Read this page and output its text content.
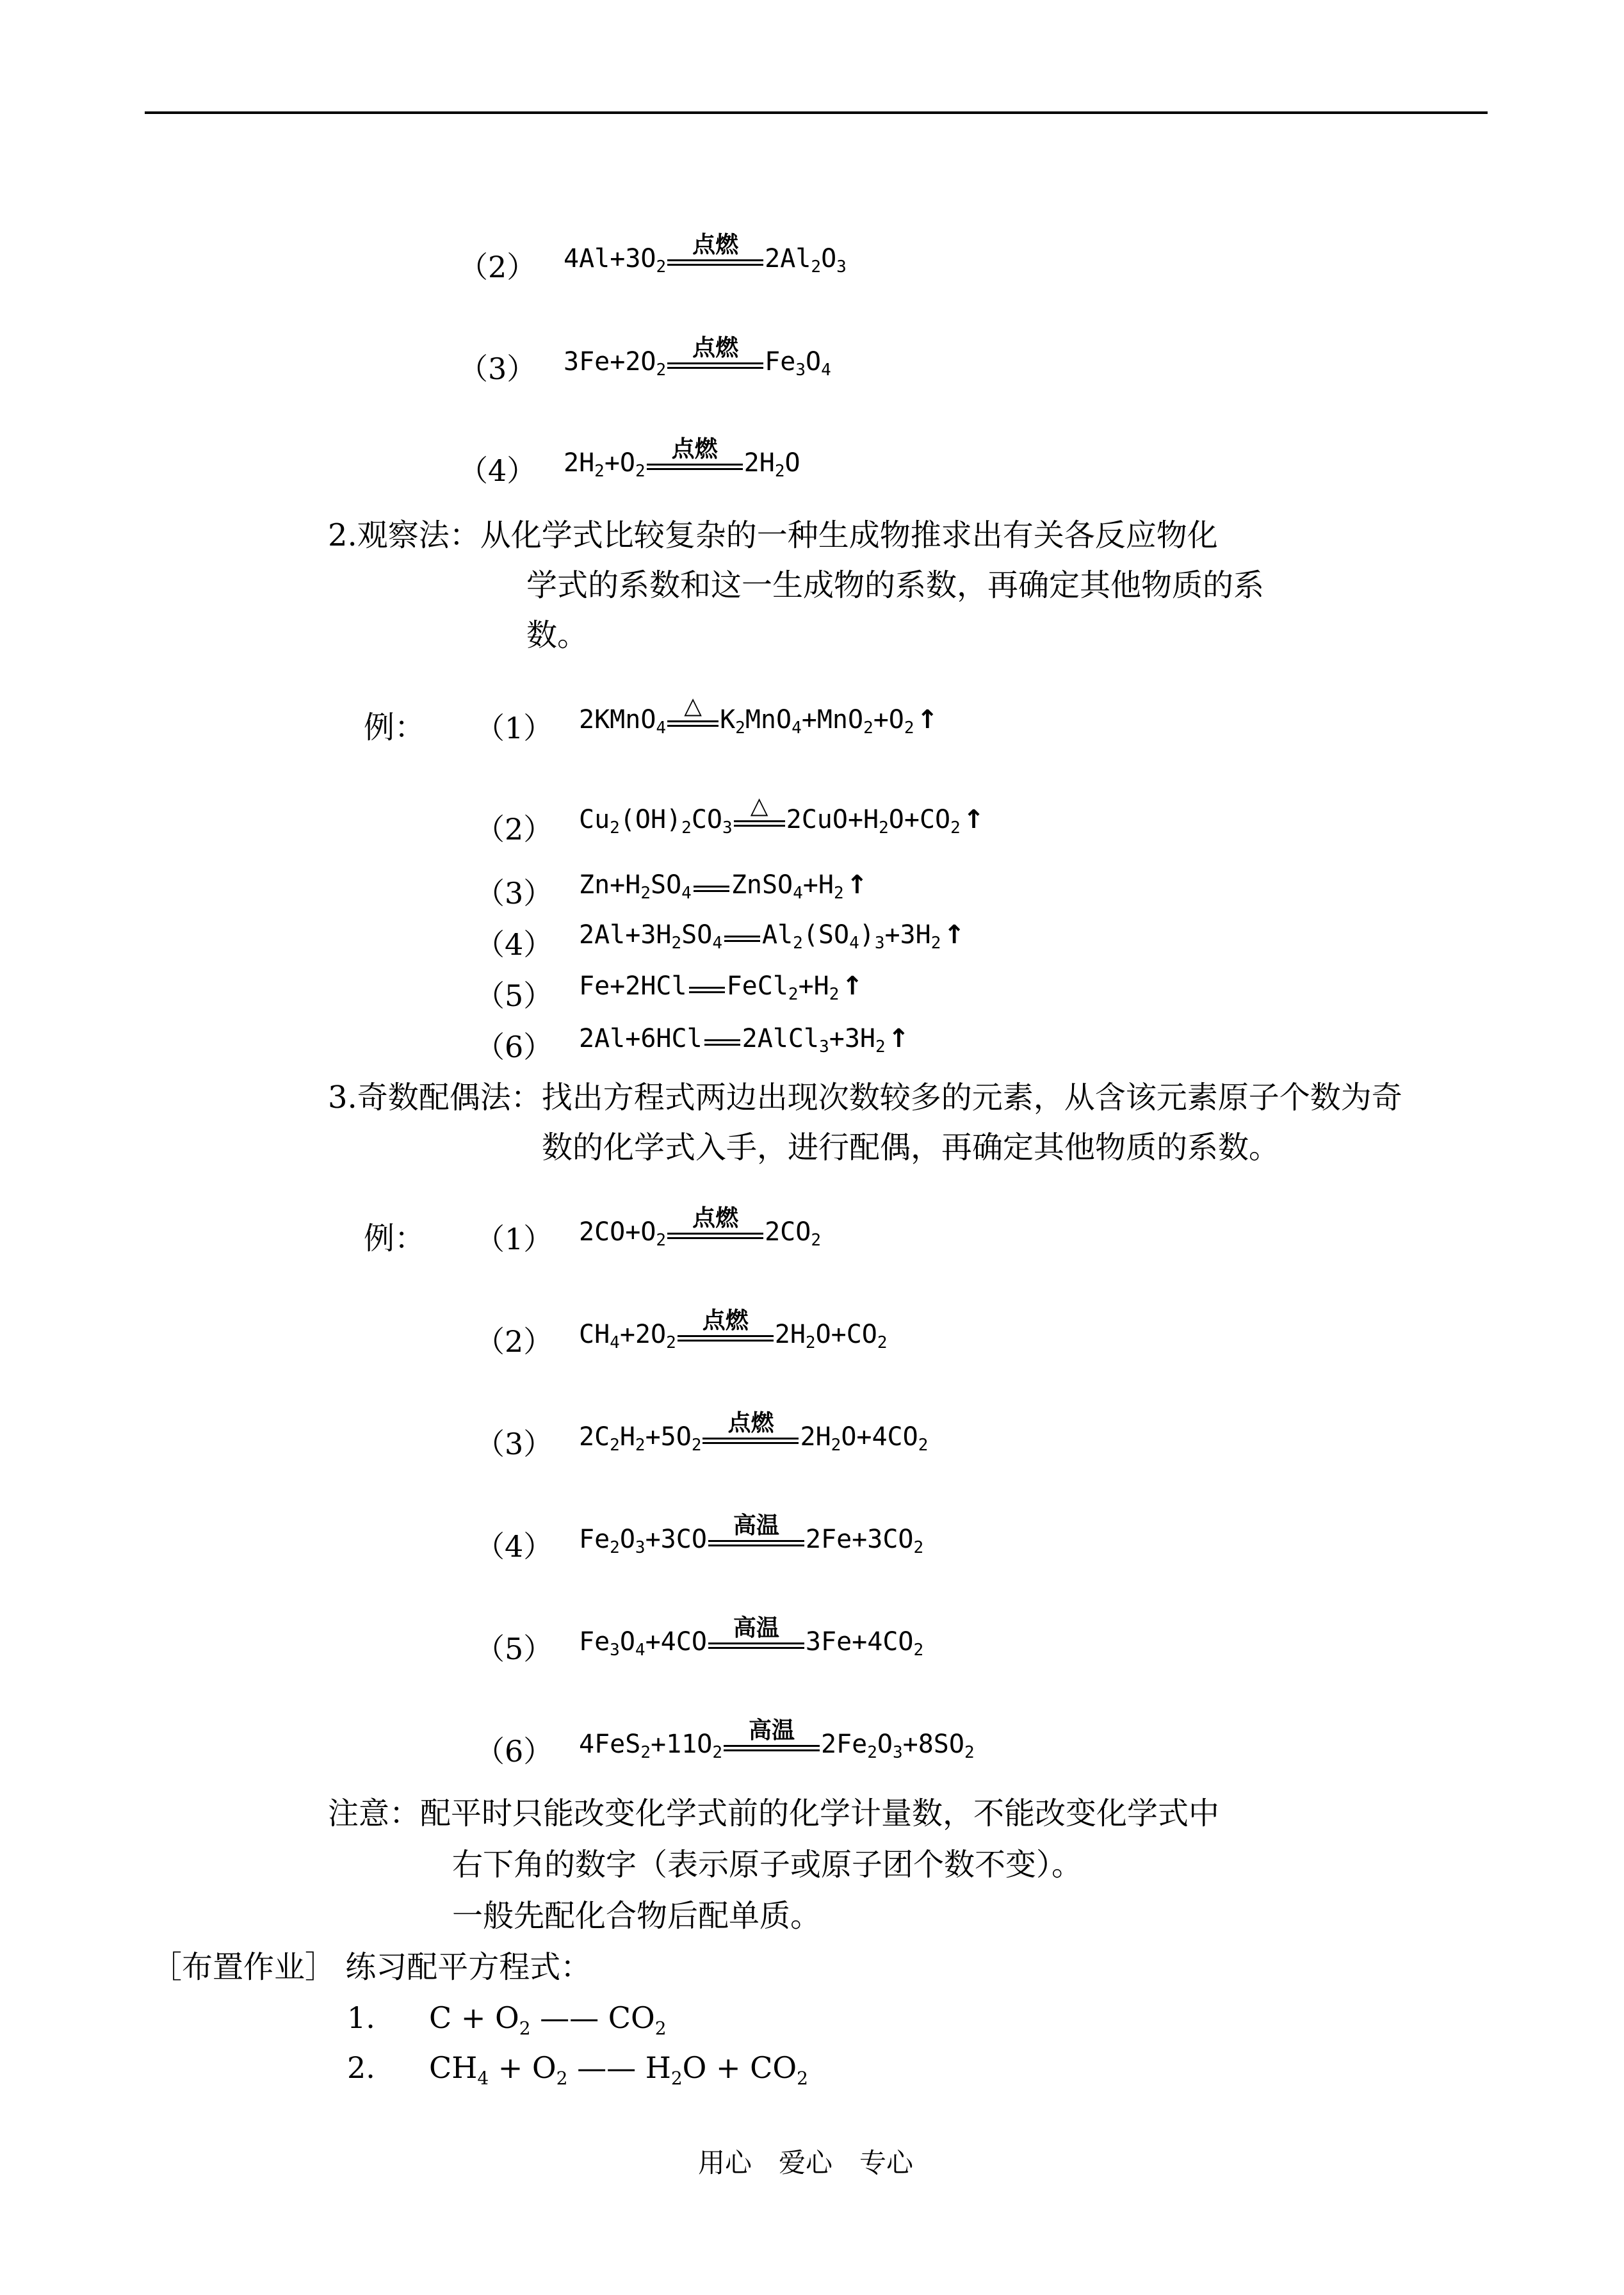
（2） $4Al+3O_2$
点燃	$2Al_2O_3$
（3） $3Fe+2O_2$
点燃	$Fe_3O_4$
（4） $2H_2+O_2$
点燃	$2H_2O$
2.观察法：从化学式比较复杂的一种生成物推求出有关各反应物化
学式的系数和这一生成物的系数，再确定其他物质的系
数。
例： （1） 2KMnO$_4$
△ $K_2MnO_4+MnO_2+O_2$ ↑
（2） $Cu_2(OH)_2CO_3$
△ $2CuO+H_2O+CO_2$ ↑
（3） $Zn+H_2SO_4$ $ZnSO_4+H_2$ ↑
（4） $2Al+3H_2SO_4$ $Al_2(SO_4)_3+3H_2$ ↑
（5） Fe+2HCl $FeCl_2+H_2$ ↑
（6） 2Al+6HCl $2AlCl_3+3H_2$ ↑
3.奇数配偶法：找出方程式两边出现次数较多的元素，从含该元素原子个数为奇
数的化学式入手，进行配偶，再确定其他物质的系数。
例： （1） $2CO+O_2$
点燃	$2CO_2$
（2） $CH_4+2O_2$
点燃	$2H_2O+CO_2$
（3） $2C_2H_2+5O_2$
点燃	$2H_2O+4CO_2$
（4） $Fe_2O_3+3CO$	高温	$2Fe+3CO_2$
（5） $Fe_3O_4+4CO$	高温	$3Fe+4CO_2$
（6） $4FeS_2+11O_2$
高温	$2Fe_2O_3+8SO_2$
注意：配平时只能改变化学式前的化学计量数，不能改变化学式中
右下角的数字（表示原子或原子团个数不变）。
一般先配化合物后配单质。
［布置作业］ 练习配平方程式：
1. $C + O_2$ —— $CO_2$
2. $CH_4 + O_2$ —— $H_2O + CO_2$
用心　爱心　专心
